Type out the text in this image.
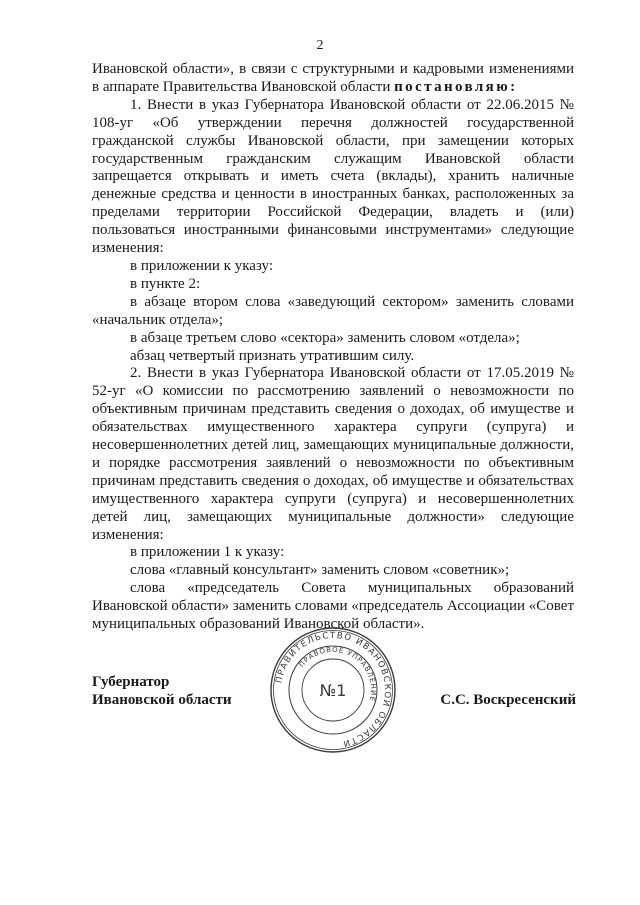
2

Ивановской области», в связи с структурными и кадровыми изменениями в аппарате Правительства Ивановской области постановляю:

1. Внести в указ Губернатора Ивановской области от 22.06.2015 № 108-уг «Об утверждении перечня должностей государственной гражданской службы Ивановской области, при замещении которых государственным гражданским служащим Ивановской области запрещается открывать и иметь счета (вклады), хранить наличные денежные средства и ценности в иностранных банках, расположенных за пределами территории Российской Федерации, владеть и (или) пользоваться иностранными финансовыми инструментами» следующие изменения:

в приложении к указу:

в пункте 2:

в абзаце втором слова «заведующий сектором» заменить словами «начальник отдела»;

в абзаце третьем слово «сектора» заменить словом «отдела»;

абзац четвертый признать утратившим силу.

2. Внести в указ Губернатора Ивановской области от 17.05.2019 № 52-уг «О комиссии по рассмотрению заявлений о невозможности по объективным причинам представить сведения о доходах, об имуществе и обязательствах имущественного характера супруги (супруга) и несовершеннолетних детей лиц, замещающих муниципальные должности, и порядке рассмотрения заявлений о невозможности по объективным причинам представить сведения о доходах, об имуществе и обязательствах имущественного характера супруги (супруга) и несовершеннолетних детей лиц, замещающих муниципальные должности» следующие изменения:

в приложении 1 к указу:

слова «главный консультант» заменить словом «советник»;

слова «председатель Совета муниципальных образований Ивановской области» заменить словами «председатель Ассоциации «Совет муниципальных образований Ивановской области».

Губернатор
Ивановской области	С.С. Воскресенский
ПРАВИТЕЛЬСТВО ИВАНОВСКОЙ ОБЛАСТИ
ПРАВОВОЕ УПРАВЛЕНИЕ
№1
